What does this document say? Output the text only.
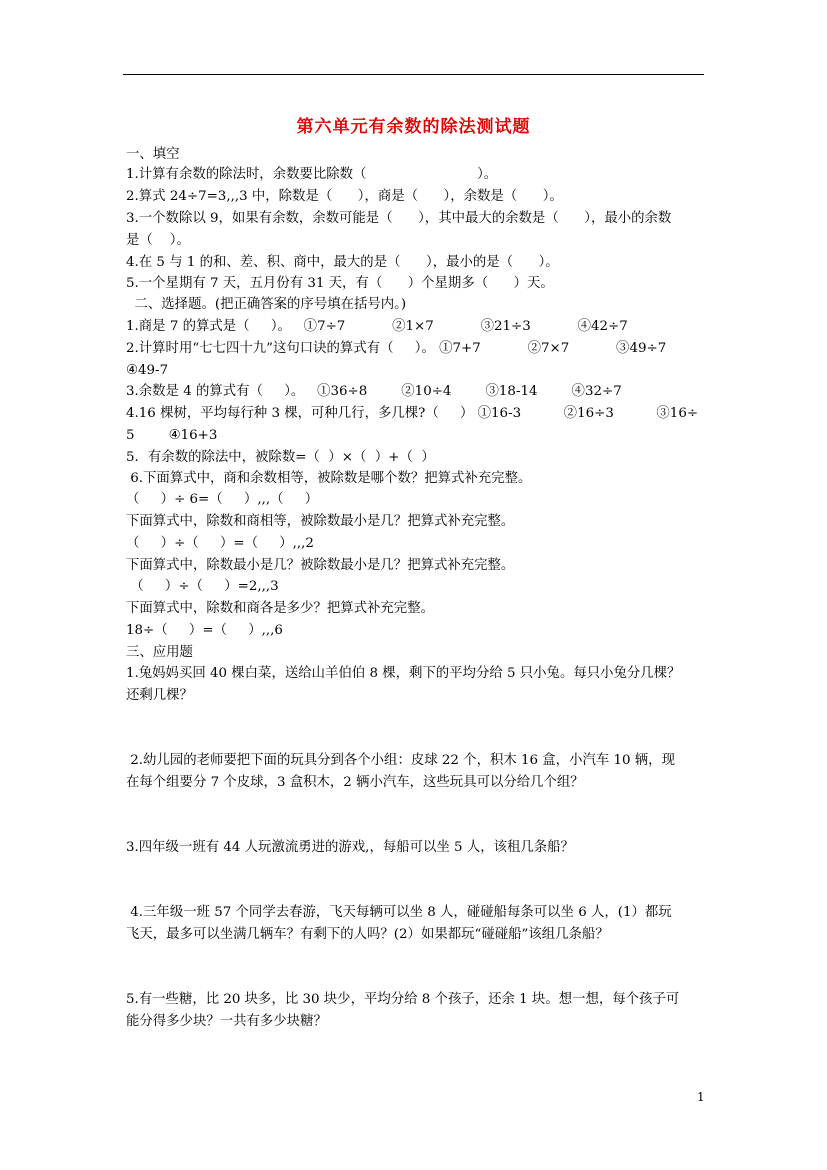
第六单元有余数的除法测试题
一、填空
1.计算有余数的除法时，余数要比除数（                          ）。
2.算式 24÷7=3,,,3 中，除数是（      ），商是（      ），余数是（      ）。
3.一个数除以 9，如果有余数，余数可能是（      ），其中最大的余数是（      ），最小的余数
是（    ）。
4.在 5 与 1 的和、差、积、商中，最大的是（      ），最小的是（      ）。
5.一个星期有 7 天，五月份有 31 天，有（      ）个星期多（      ）天。
二、选择题。(把正确答案的序号填在括号内。)
1.商是 7 的算式是（     ）。   ①7÷7           ②1×7           ③21÷3           ④42÷7
2.计算时用“七七四十九”这句口诀的算式有（     ）。 ①7+7           ②7×7           ③49÷7
④49-7
3.余数是 4 的算式有（     ）。   ①36÷8        ②10÷4        ③18-14        ④32÷7
4.16 棵树，平均每行种 3 棵，可种几行，多几棵?（     ） ①16-3          ②16÷3          ③16÷
5        ④16+3
5．有余数的除法中，被除数=（  ）×（  ）+（  ）
6.下面算式中，商和余数相等，被除数是哪个数？把算式补充完整。
（     ）÷ 6=（     ）,,,（     ）
下面算式中，除数和商相等，被除数最小是几？把算式补充完整。
（     ）÷（     ）=（     ）,,,2
下面算式中，除数最小是几？被除数最小是几？把算式补充完整。
（     ）÷（     ）=2,,,3
下面算式中，除数和商各是多少？把算式补充完整。
18÷（     ）=（     ）,,,6
三、应用题
1.兔妈妈买回 40 棵白菜，送给山羊伯伯 8 棵，剩下的平均分给 5 只小兔。每只小兔分几棵？
还剩几棵？
2.幼儿园的老师要把下面的玩具分到各个小组：皮球 22 个，积木 16 盒，小汽车 10 辆，现
在每个组要分 7 个皮球，3 盒积木，2 辆小汽车，这些玩具可以分给几个组？
3.四年级一班有 44 人玩激流勇进的游戏,，每船可以坐 5 人，该租几条船？
4.三年级一班 57 个同学去春游，飞天每辆可以坐 8 人，碰碰船每条可以坐 6 人，(1）都玩
飞天，最多可以坐满几辆车？有剩下的人吗？(2）如果都玩“碰碰船”该组几条船？
5.有一些糖，比 20 块多，比 30 块少，平均分给 8 个孩子，还余 1 块。想一想，每个孩子可
能分得多少块？一共有多少块糖？
1
